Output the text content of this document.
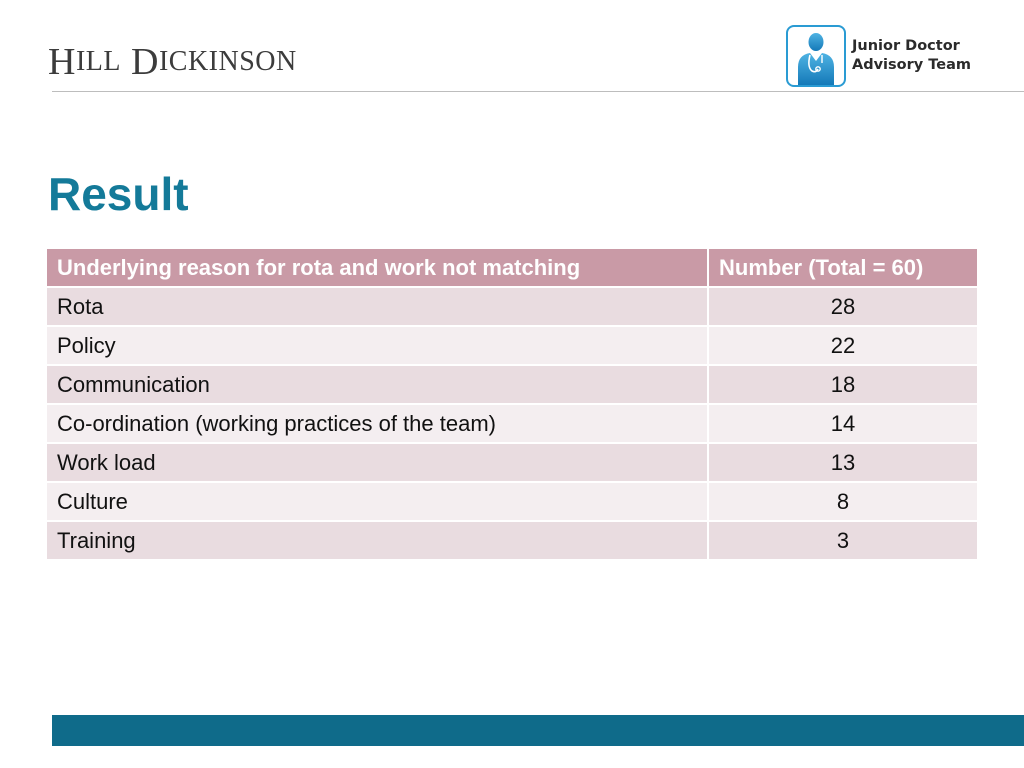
H ILL D ICKINSON	Junior Doctor
Advisory Team
Result
Underlying reason for rota and work not matching	Number (Total = 60)
Rota	28
Policy	22
Communication	18
Co-ordination (working practices of the team)	14
Work load	13
Culture	8
Training	3
